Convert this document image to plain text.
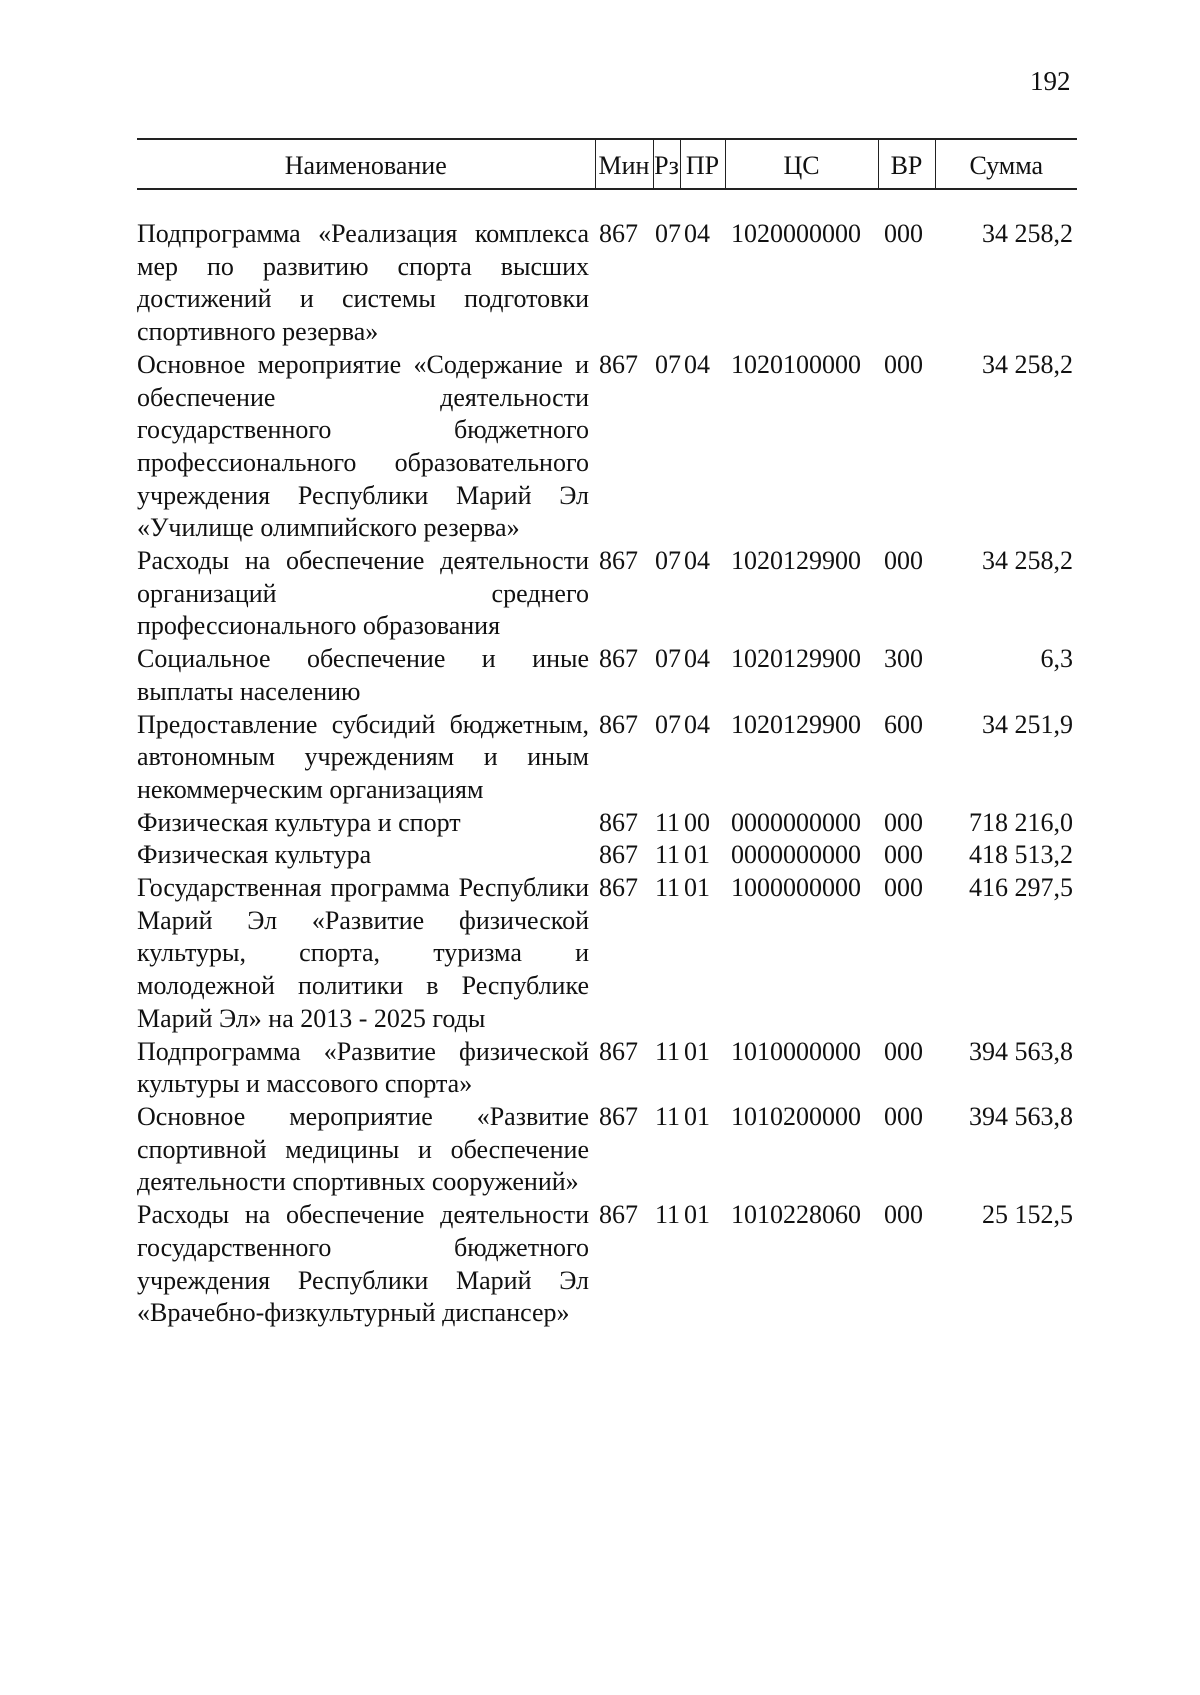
192
Наименование	Мин	Рз	ПР	ЦС	ВР	Сумма

Подпрограмма «Реализация комплекса мер по развитию спорта высших достижений и системы подготовки спортивного резерва»	867	07	04	1020000000	000	34 258,2
Основное мероприятие «Содержание и обеспечение деятельности государственного бюджетного профессионального образовательного учреждения Республики Марий Эл «Училище олимпийского резерва»	867	07	04	1020100000	000	34 258,2
Расходы на обеспечение деятельности организаций среднего профессионального образования	867	07	04	1020129900	000	34 258,2
Социальное обеспечение и иные выплаты населению	867	07	04	1020129900	300	6,3
Предоставление субсидий бюджетным, автономным учреждениям и иным некоммерческим организациям	867	07	04	1020129900	600	34 251,9
Физическая культура и спорт	867	11	00	0000000000	000	718 216,0
Физическая культура	867	11	01	0000000000	000	418 513,2
Государственная программа Республики Марий Эл «Развитие физической культуры, спорта, туризма и молодежной политики в Республике Марий Эл» на 2013 - 2025 годы	867	11	01	1000000000	000	416 297,5
Подпрограмма «Развитие физической культуры и массового спорта»	867	11	01	1010000000	000	394 563,8
Основное мероприятие «Развитие спортивной медицины и обеспечение деятельности спортивных сооружений»	867	11	01	1010200000	000	394 563,8
Расходы на обеспечение деятельности государственного бюджетного учреждения Республики Марий Эл «Врачебно-физкультурный диспансер»	867	11	01	1010228060	000	25 152,5
